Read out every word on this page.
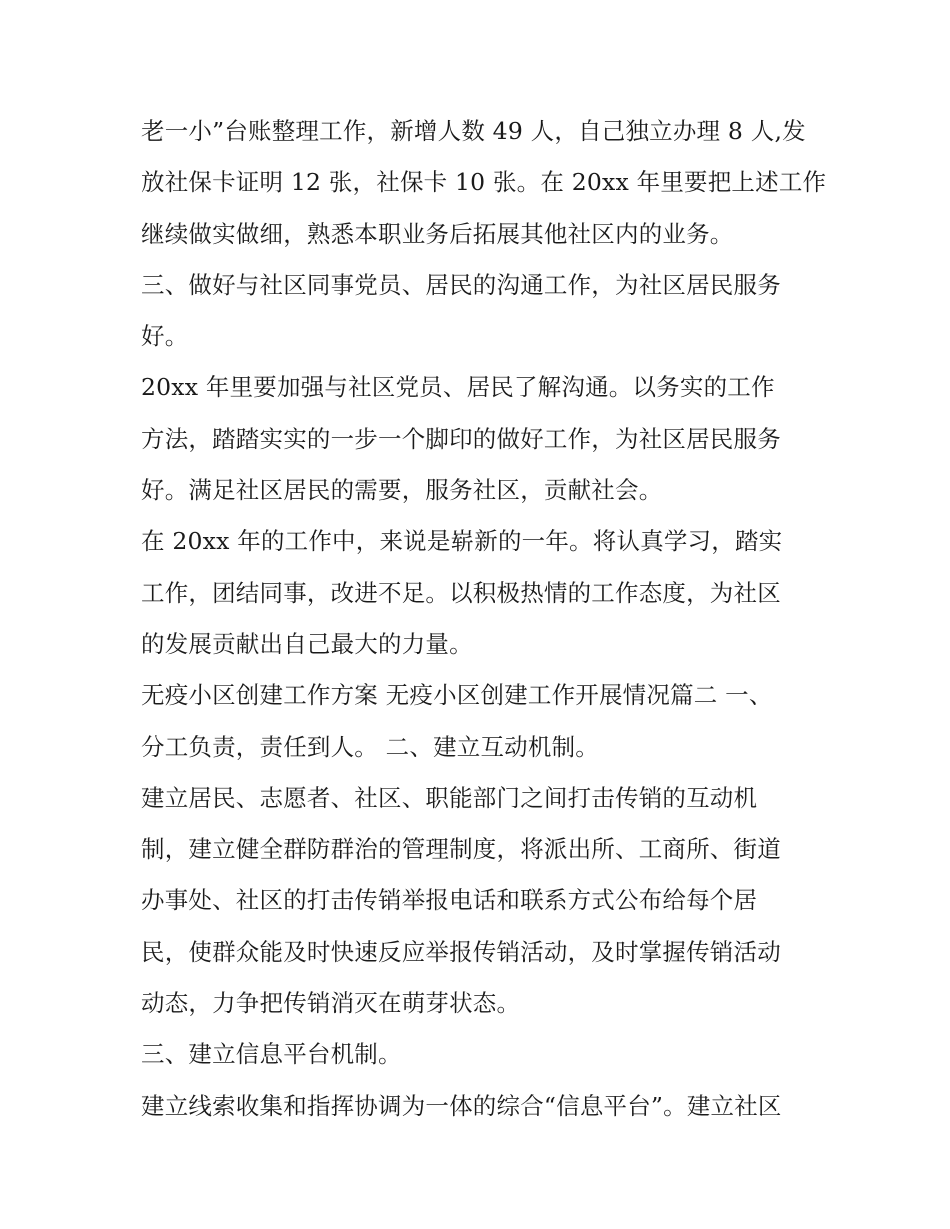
老一小”台账整理工作，新增人数 49 人，自己独立办理 8 人,发
放社保卡证明 12 张，社保卡 10 张。在 20xx 年里要把上述工作
继续做实做细，熟悉本职业务后拓展其他社区内的业务。
三、做好与社区同事党员、居民的沟通工作，为社区居民服务
好。
20xx 年里要加强与社区党员、居民了解沟通。以务实的工作
方法，踏踏实实的一步一个脚印的做好工作，为社区居民服务
好。满足社区居民的需要，服务社区，贡献社会。
在 20xx 年的工作中，来说是崭新的一年。将认真学习，踏实
工作，团结同事，改进不足。以积极热情的工作态度，为社区
的发展贡献出自己最大的力量。
无疫小区创建工作方案 无疫小区创建工作开展情况篇二 一、
分工负责，责任到人。 二、建立互动机制。
建立居民、志愿者、社区、职能部门之间打击传销的互动机
制，建立健全群防群治的管理制度，将派出所、工商所、街道
办事处、社区的打击传销举报电话和联系方式公布给每个居
民，使群众能及时快速反应举报传销活动，及时掌握传销活动
动态，力争把传销消灭在萌芽状态。
三、建立信息平台机制。
建立线索收集和指挥协调为一体的综合“信息平台”。建立社区
